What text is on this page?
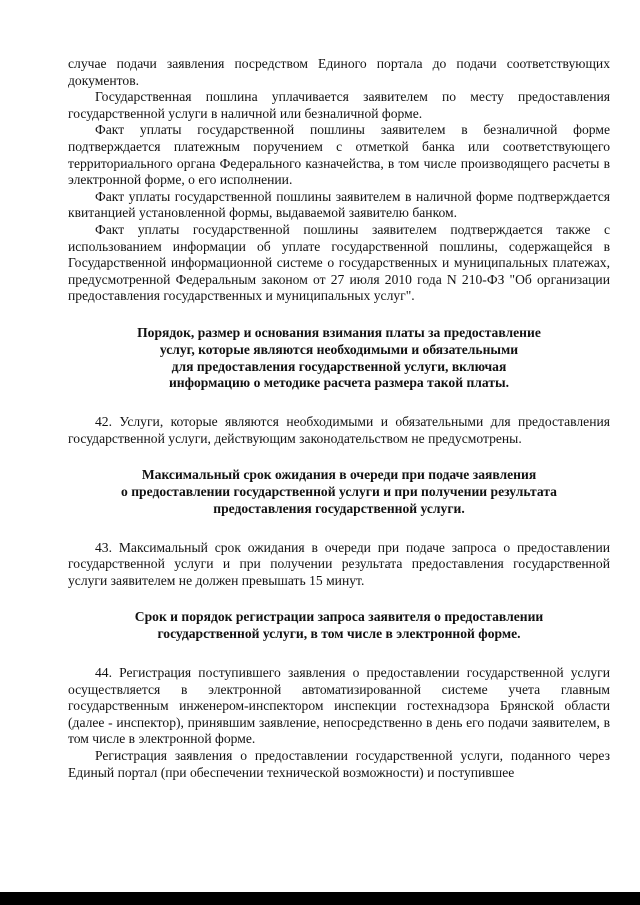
случае подачи заявления посредством Единого портала до подачи соответствующих документов.

Государственная пошлина уплачивается заявителем по месту предоставления государственной услуги в наличной или безналичной форме.

Факт уплаты государственной пошлины заявителем в безналичной форме подтверждается платежным поручением с отметкой банка или соответствующего территориального органа Федерального казначейства, в том числе производящего расчеты в электронной форме, о его исполнении.

Факт уплаты государственной пошлины заявителем в наличной форме подтверждается квитанцией установленной формы, выдаваемой заявителю банком.

Факт уплаты государственной пошлины заявителем подтверждается также с использованием информации об уплате государственной пошлины, содержащейся в Государственной информационной системе о государственных и муниципальных платежах, предусмотренной Федеральным законом от 27 июля 2010 года N 210-ФЗ "Об организации предоставления государственных и муниципальных услуг".

Порядок, размер и основания взимания платы за предоставление
услуг, которые являются необходимыми и обязательными
для предоставления государственной услуги, включая
информацию о методике расчета размера такой платы.

42. Услуги, которые являются необходимыми и обязательными для предоставления государственной услуги, действующим законодательством не предусмотрены.

Максимальный срок ожидания в очереди при подаче заявления
о предоставлении государственной услуги и при получении результата
предоставления государственной услуги.

43. Максимальный срок ожидания в очереди при подаче запроса о предоставлении государственной услуги и при получении результата предоставления государственной услуги заявителем не должен превышать 15 минут.

Срок и порядок регистрации запроса заявителя о предоставлении
государственной услуги, в том числе в электронной форме.

44. Регистрация поступившего заявления о предоставлении государственной услуги осуществляется в электронной автоматизированной системе учета главным государственным инженером-инспектором инспекции гостехнадзора Брянской области (далее - инспектор), принявшим заявление, непосредственно в день его подачи заявителем, в том числе в электронной форме.

Регистрация заявления о предоставлении государственной услуги, поданного через Единый портал (при обеспечении технической возможности) и поступившее
